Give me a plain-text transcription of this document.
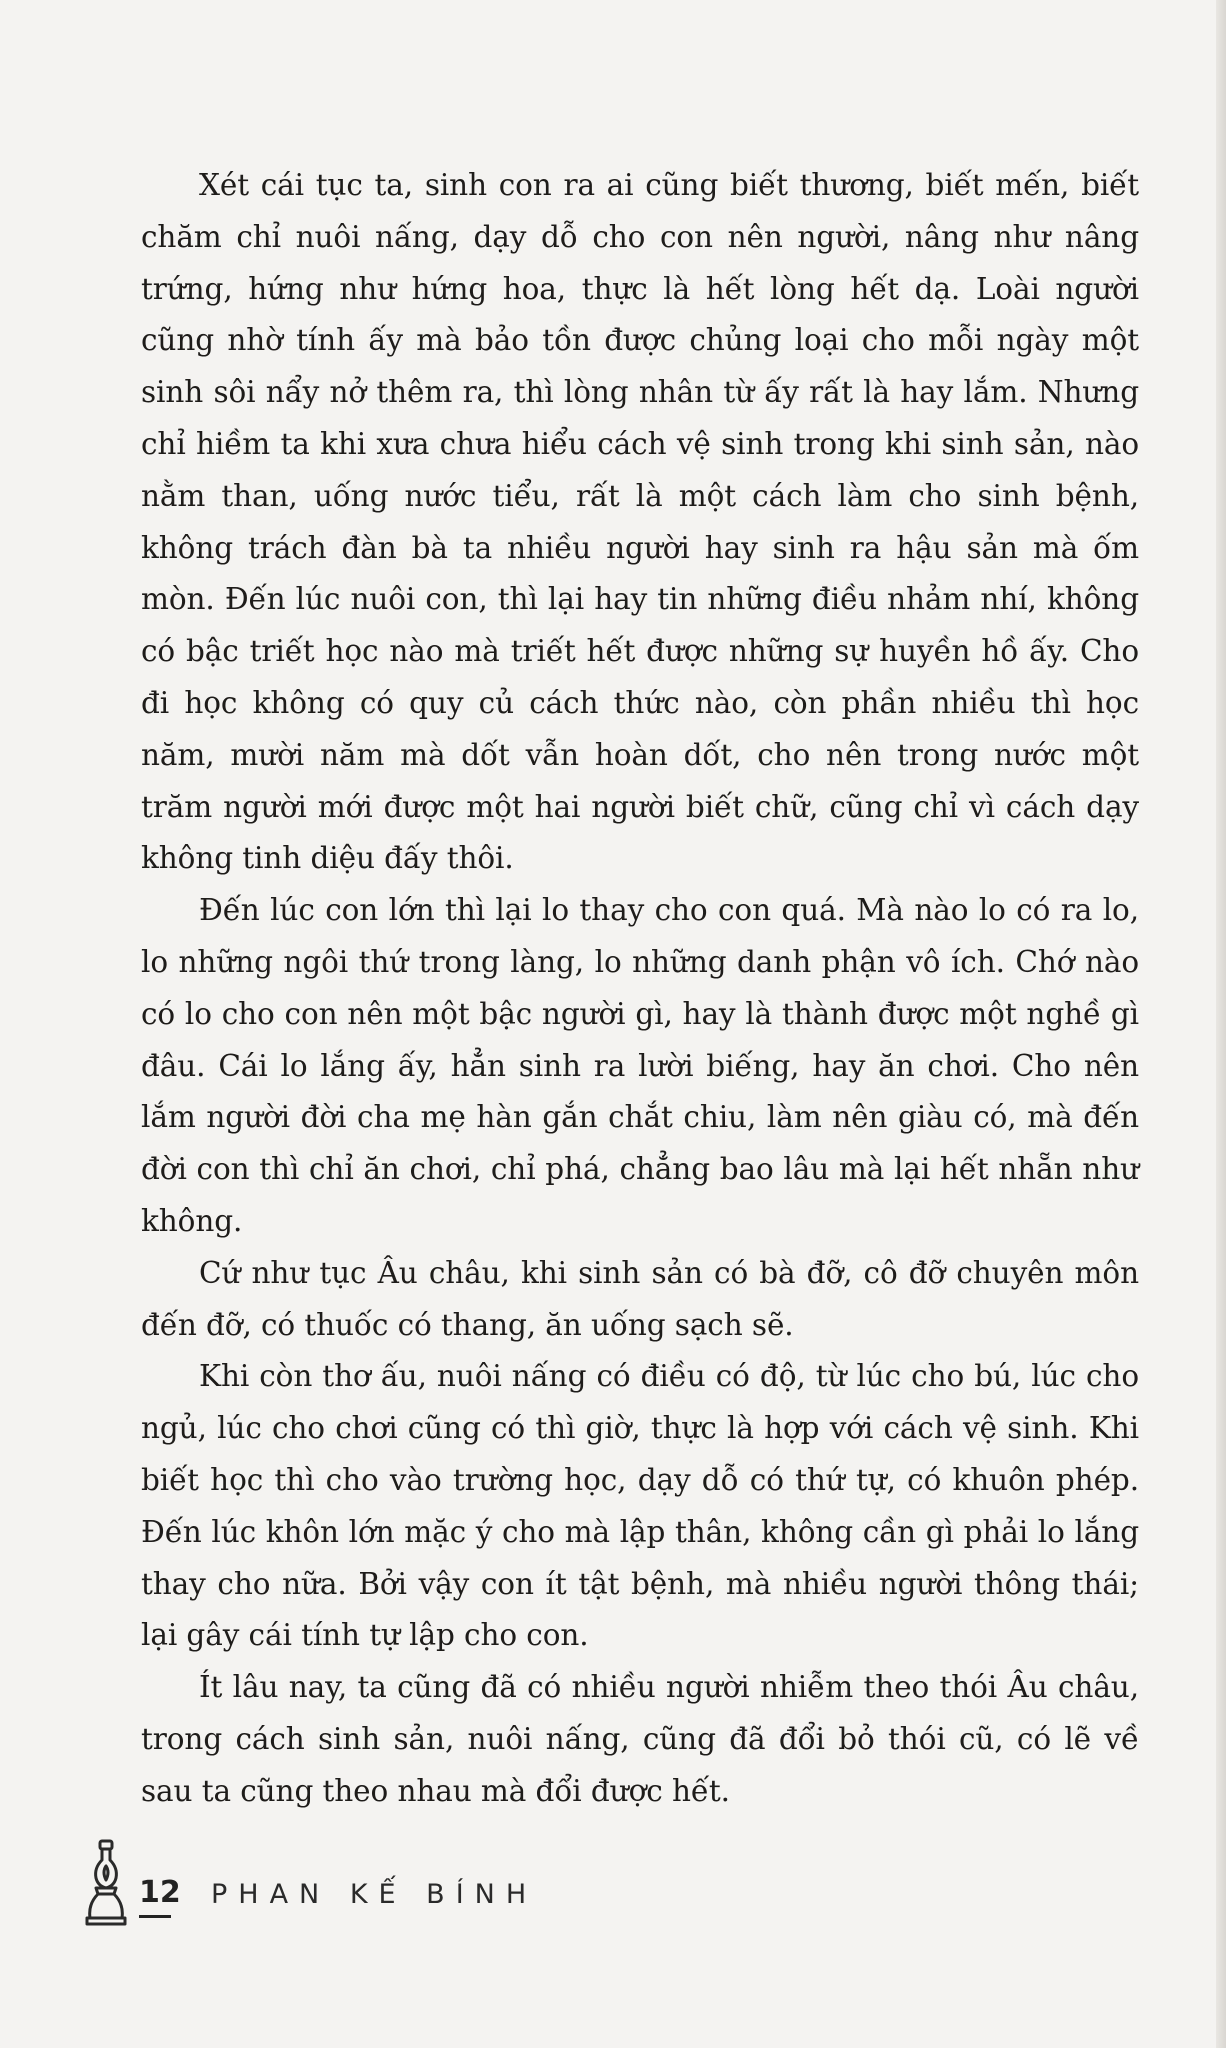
Xét cái tục ta, sinh con ra ai cũng biết thương, biết mến, biết chăm chỉ nuôi nấng, dạy dỗ cho con nên người, nâng như nâng trứng, hứng như hứng hoa, thực là hết lòng hết dạ. Loài người cũng nhờ tính ấy mà bảo tồn được chủng loại cho mỗi ngày một sinh sôi nẩy nở thêm ra, thì lòng nhân từ ấy rất là hay lắm. Nhưng chỉ hiềm ta khi xưa chưa hiểu cách vệ sinh trong khi sinh sản, nào nằm than, uống nước tiểu, rất là một cách làm cho sinh bệnh, không trách đàn bà ta nhiều người hay sinh ra hậu sản mà ốm mòn. Đến lúc nuôi con, thì lại hay tin những điều nhảm nhí, không có bậc triết học nào mà triết hết được những sự huyền hồ ấy. Cho đi học không có quy củ cách thức nào, còn phần nhiều thì học năm, mười năm mà dốt vẫn hoàn dốt, cho nên trong nước một trăm người mới được một hai người biết chữ, cũng chỉ vì cách dạy không tinh diệu đấy thôi.

Đến lúc con lớn thì lại lo thay cho con quá. Mà nào lo có ra lo, lo những ngôi thứ trong làng, lo những danh phận vô ích. Chớ nào có lo cho con nên một bậc người gì, hay là thành được một nghề gì đâu. Cái lo lắng ấy, hẳn sinh ra lười biếng, hay ăn chơi. Cho nên lắm người đời cha mẹ hàn gắn chắt chiu, làm nên giàu có, mà đến đời con thì chỉ ăn chơi, chỉ phá, chẳng bao lâu mà lại hết nhẵn như không.

Cứ như tục Âu châu, khi sinh sản có bà đỡ, cô đỡ chuyên môn đến đỡ, có thuốc có thang, ăn uống sạch sẽ.

Khi còn thơ ấu, nuôi nấng có điều có độ, từ lúc cho bú, lúc cho ngủ, lúc cho chơi cũng có thì giờ, thực là hợp với cách vệ sinh. Khi biết học thì cho vào trường học, dạy dỗ có thứ tự, có khuôn phép. Đến lúc khôn lớn mặc ý cho mà lập thân, không cần gì phải lo lắng thay cho nữa. Bởi vậy con ít tật bệnh, mà nhiều người thông thái; lại gây cái tính tự lập cho con.

Ít lâu nay, ta cũng đã có nhiều người nhiễm theo thói Âu châu, trong cách sinh sản, nuôi nấng, cũng đã đổi bỏ thói cũ, có lẽ về sau ta cũng theo nhau mà đổi được hết.

12 PHAN KẾ BÍNH
